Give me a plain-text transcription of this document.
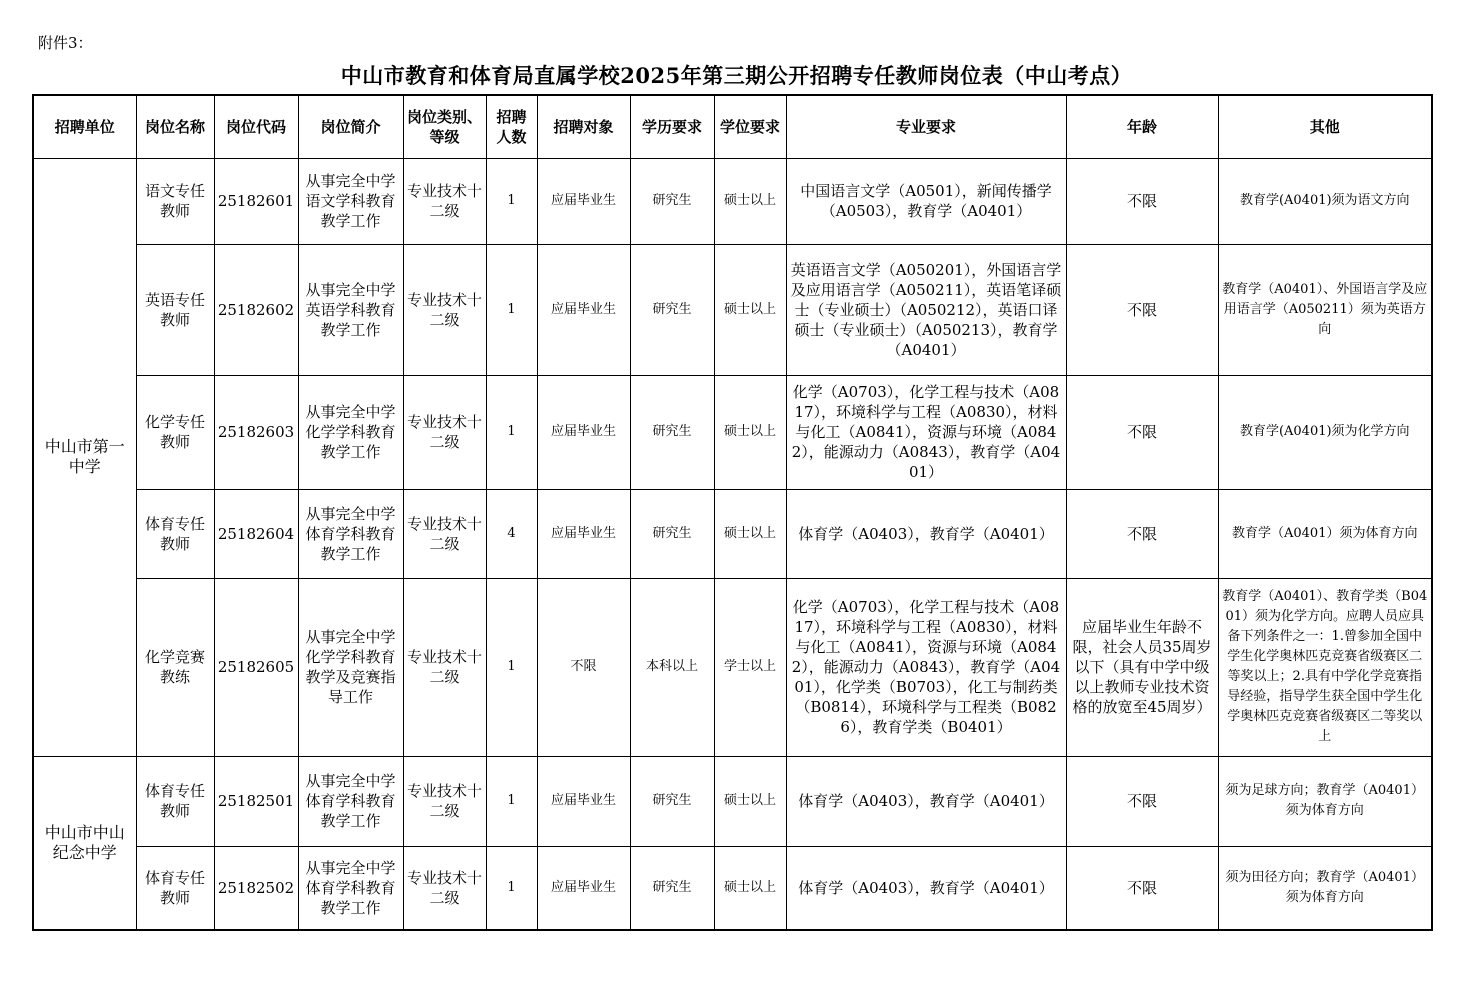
附件3：
中山市教育和体育局直属学校2025年第三期公开招聘专任教师岗位表（中山考点）
招聘单位	岗位名称	岗位代码	岗位简介	岗位类别、等级	招聘人数	招聘对象	学历要求	学位要求	专业要求	年龄	其他
中山市第一中学	语文专任教师	25182601	从事完全中学语文学科教育教学工作	专业技术十二级	1	应届毕业生	研究生	硕士以上	中国语言文学（A0501），新闻传播学（A0503），教育学（A0401）	不限	教育学(A0401)须为语文方向
	英语专任教师	25182602	从事完全中学英语学科教育教学工作	专业技术十二级	1	应届毕业生	研究生	硕士以上	英语语言文学（A050201），外国语言学及应用语言学（A050211），英语笔译硕士（专业硕士）（A050212），英语口译硕士（专业硕士）（A050213），教育学（A0401）	不限	教育学（A0401）、外国语言学及应用语言学（A050211）须为英语方向
	化学专任教师	25182603	从事完全中学化学学科教育教学工作	专业技术十二级	1	应届毕业生	研究生	硕士以上	化学（A0703），化学工程与技术（A0817），环境科学与工程（A0830），材料与化工（A0841），资源与环境（A0842），能源动力（A0843），教育学（A0401）	不限	教育学(A0401)须为化学方向
	体育专任教师	25182604	从事完全中学体育学科教育教学工作	专业技术十二级	4	应届毕业生	研究生	硕士以上	体育学（A0403），教育学（A0401）	不限	教育学（A0401）须为体育方向
	化学竞赛教练	25182605	从事完全中学化学学科教育教学及竞赛指导工作	专业技术十二级	1	不限	本科以上	学士以上	化学（A0703），化学工程与技术（A0817），环境科学与工程（A0830），材料与化工（A0841），资源与环境（A0842），能源动力（A0843），教育学（A0401），化学类（B0703），化工与制药类（B0814），环境科学与工程类（B0826），教育学类（B0401）	应届毕业生年龄不限，社会人员35周岁以下（具有中学中级以上教师专业技术资格的放宽至45周岁）	教育学（A0401）、教育学类（B0401）须为化学方向。应聘人员应具备下列条件之一：1.曾参加全国中学生化学奥林匹克竞赛省级赛区二等奖以上；2.具有中学化学竞赛指导经验，指导学生获全国中学生化学奥林匹克竞赛省级赛区二等奖以上
中山市中山纪念中学	体育专任教师	25182501	从事完全中学体育学科教育教学工作	专业技术十二级	1	应届毕业生	研究生	硕士以上	体育学（A0403），教育学（A0401）	不限	须为足球方向；教育学（A0401）须为体育方向
	体育专任教师	25182502	从事完全中学体育学科教育教学工作	专业技术十二级	1	应届毕业生	研究生	硕士以上	体育学（A0403），教育学（A0401）	不限	须为田径方向；教育学（A0401）须为体育方向
